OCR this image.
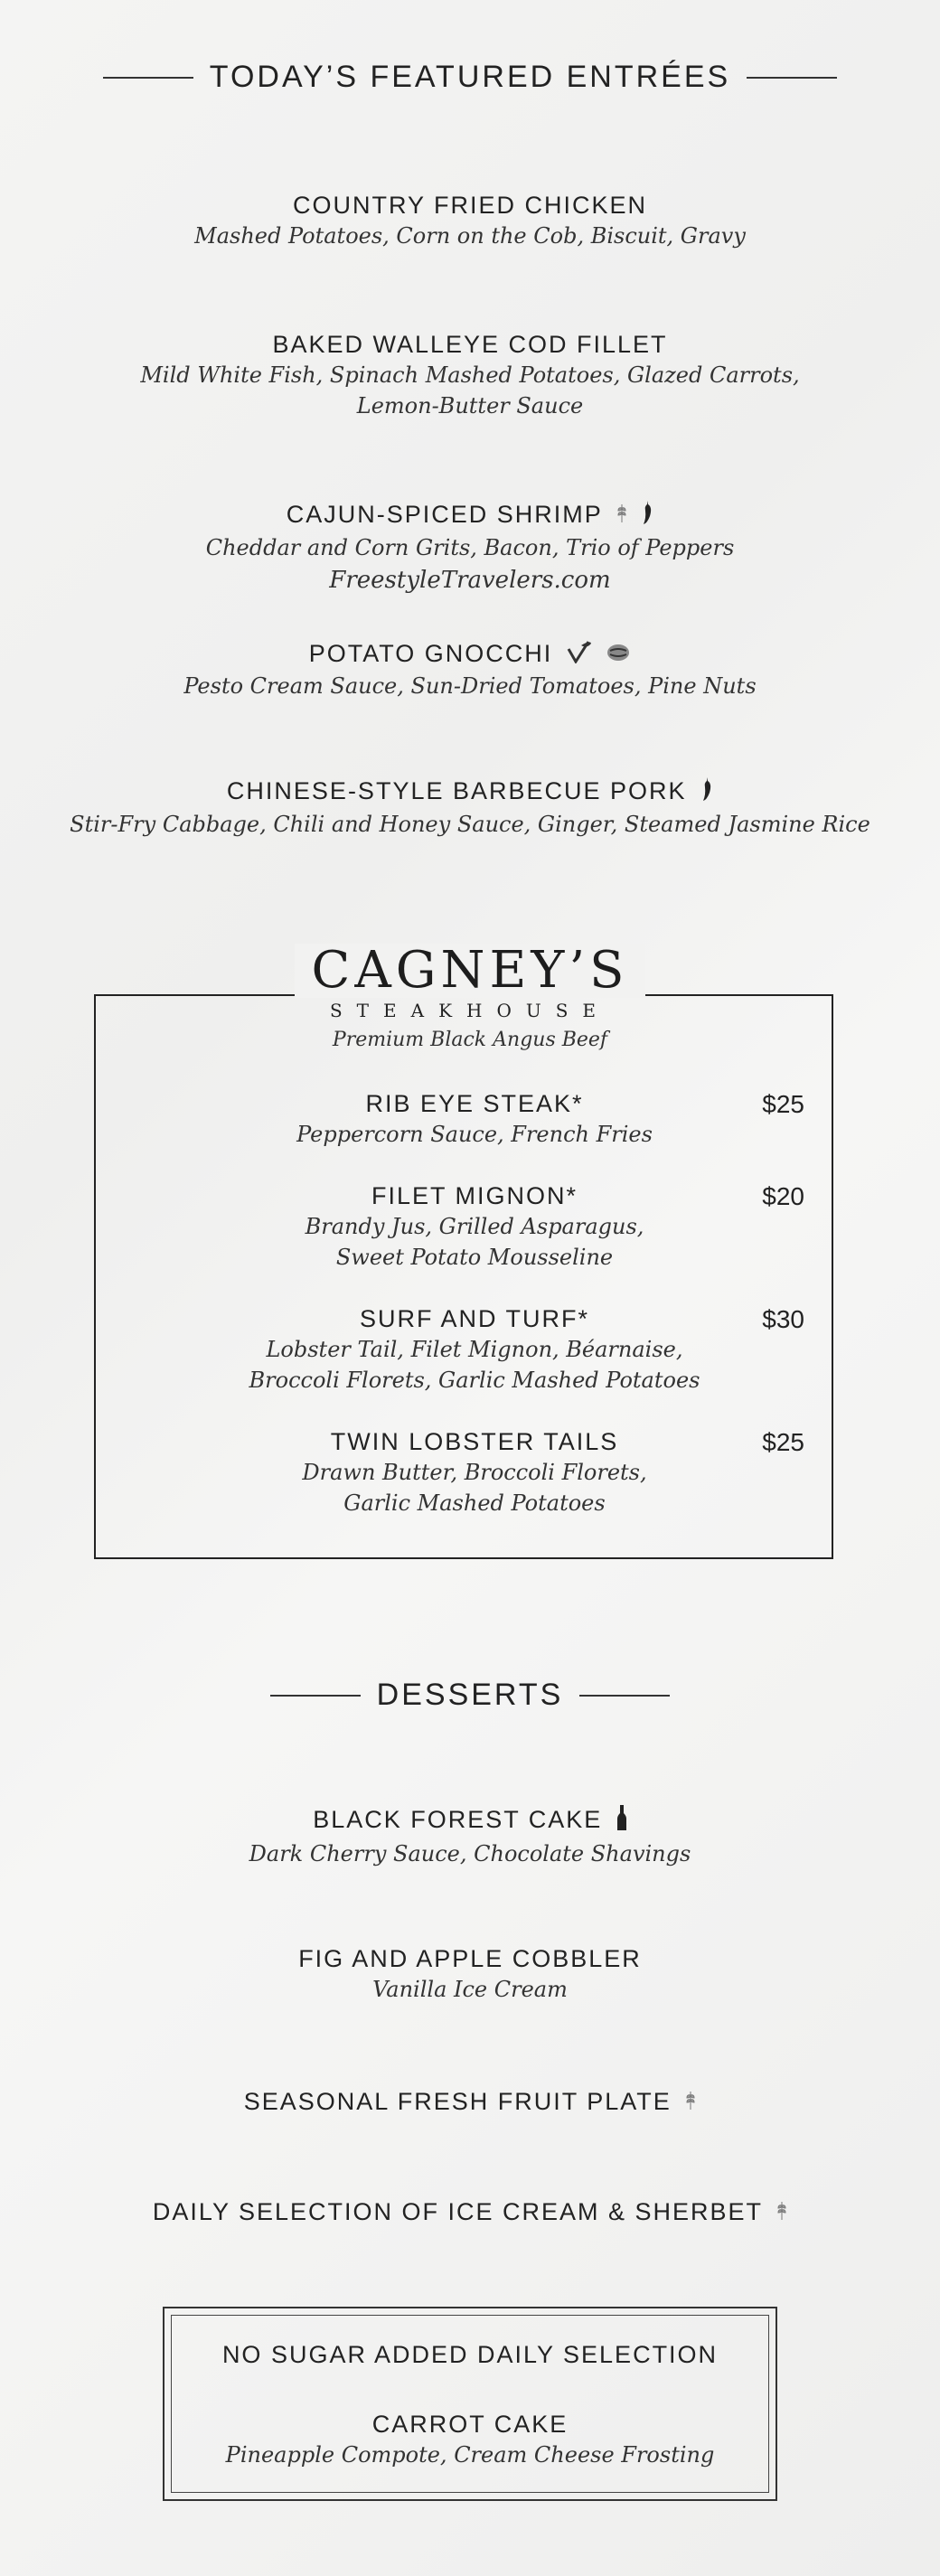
TODAY’S FEATURED ENTRÉES
COUNTRY FRIED CHICKEN
Mashed Potatoes, Corn on the Cob, Biscuit, Gravy
BAKED WALLEYE COD FILLET
Mild White Fish, Spinach Mashed Potatoes, Glazed Carrots,
Lemon-Butter Sauce
CAJUN-SPICED SHRIMP
Cheddar and Corn Grits, Bacon, Trio of Peppers
FreestyleTravelers.com
POTATO GNOCCHI
Pesto Cream Sauce, Sun-Dried Tomatoes, Pine Nuts
CHINESE-STYLE BARBECUE PORK
Stir-Fry Cabbage, Chili and Honey Sauce, Ginger, Steamed Jasmine Rice
CAGNEY’S
STEAKHOUSE
Premium Black Angus Beef
RIB EYE STEAK*
Peppercorn Sauce, French Fries
$25
FILET MIGNON*
Brandy Jus, Grilled Asparagus,
Sweet Potato Mousseline
$20
SURF AND TURF*
Lobster Tail, Filet Mignon, Béarnaise,
Broccoli Florets, Garlic Mashed Potatoes
$30
TWIN LOBSTER TAILS
Drawn Butter, Broccoli Florets,
Garlic Mashed Potatoes
$25
DESSERTS
BLACK FOREST CAKE
Dark Cherry Sauce, Chocolate Shavings
FIG AND APPLE COBBLER
Vanilla Ice Cream
SEASONAL FRESH FRUIT PLATE
DAILY SELECTION OF ICE CREAM & SHERBET
NO SUGAR ADDED DAILY SELECTION
CARROT CAKE
Pineapple Compote, Cream Cheese Frosting
